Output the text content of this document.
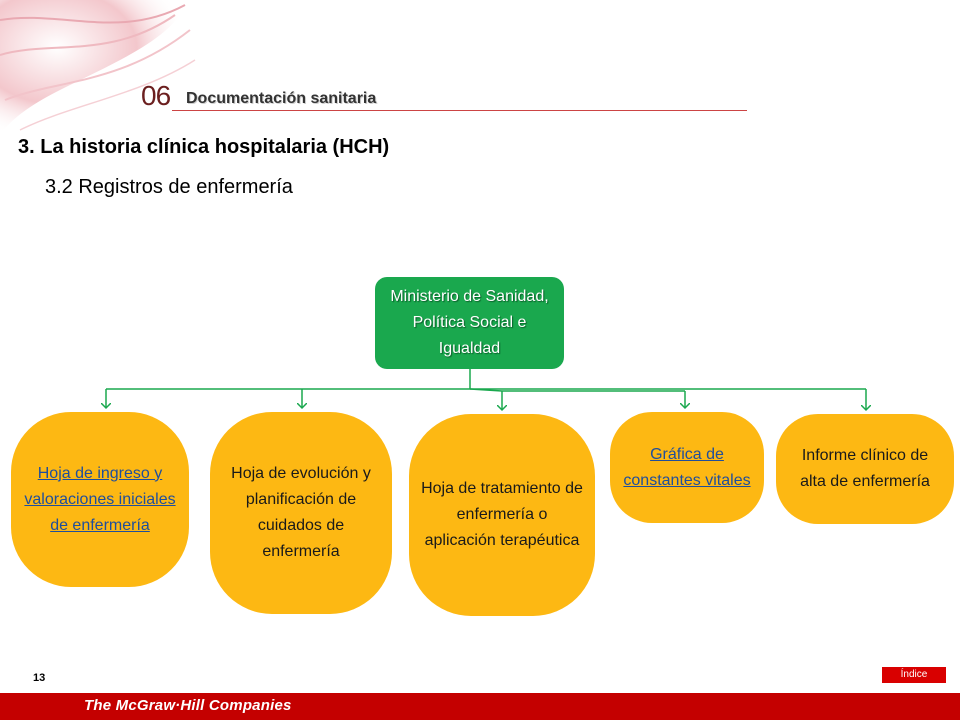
06 Documentación sanitaria
3. La historia clínica hospitalaria (HCH)
3.2 Registros de enfermería
Ministerio de Sanidad, Política Social e Igualdad
Hoja de ingreso y valoraciones iniciales de enfermería
Hoja de evolución y planificación de cuidados de enfermería
Hoja de tratamiento de enfermería o aplicación terapéutica
Gráfica de constantes vitales
Informe clínico de alta de enfermería
13	Índice
The McGraw·Hill Companies
